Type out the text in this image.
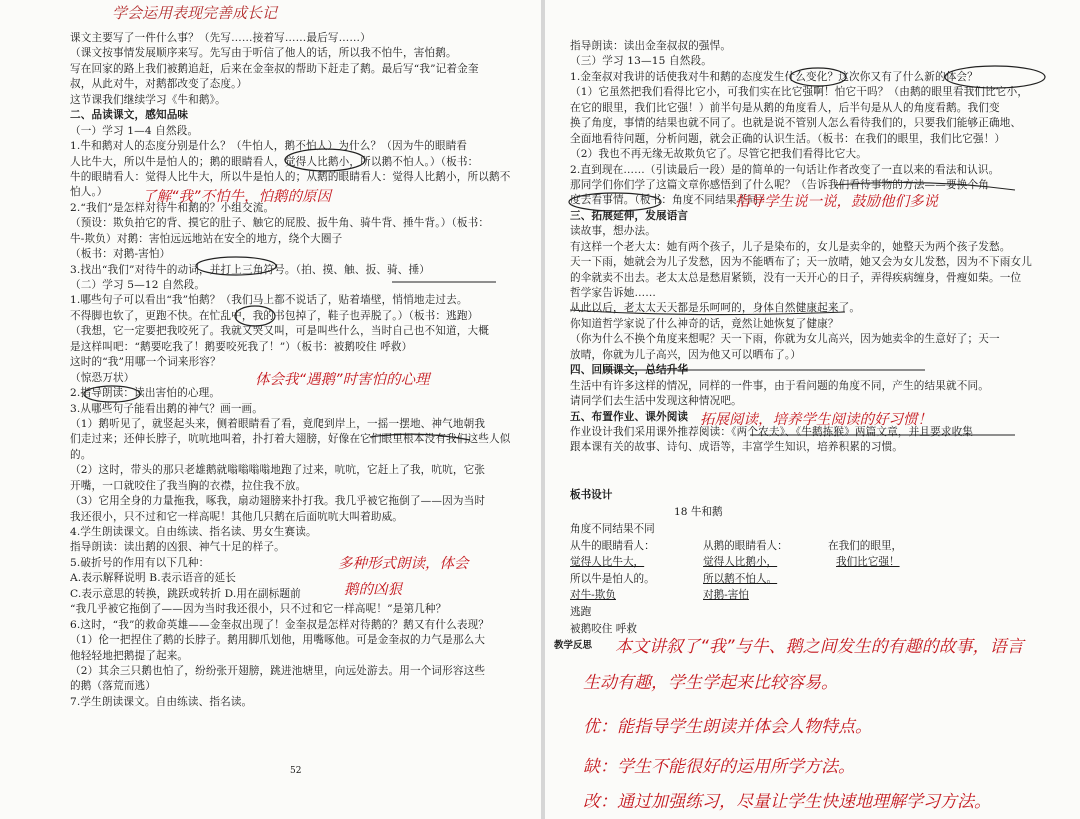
学会运用表现完善成长记
课文主要写了一件什么事？（先写……接着写……最后写……）
（课文按事情发展顺序来写。先写由于听信了他人的话，所以我不怕牛，害怕鹅。
写在回家的路上我们被鹅追赶，后来在金奎叔的帮助下赶走了鹅。最后写“我”记着金奎
叔，从此对牛，对鹅都改变了态度。）
这节课我们继续学习《牛和鹅》。
二、品读课文，感知品味
（一）学习 1—4 自然段。
1.牛和鹅对人的态度分别是什么？（牛怕人，鹅不怕人）为什么？（因为牛的眼睛看
人比牛大，所以牛是怕人的；鹅的眼睛看人，觉得人比鹅小，所以鹅不怕人。）（板书：
牛的眼睛看人：觉得人比牛大，所以牛是怕人的；从鹅的眼睛看人：觉得人比鹅小，所以鹅不
怕人。）
2.“我们”是怎样对待牛和鹅的？小组交流。
（预设：欺负拍它的背、摸它的肚子、触它的屁股、扳牛角、骑牛背、捶牛背。）（板书：
牛-欺负）对鹅：害怕远远地站在安全的地方，绕个大圈子
（板书：对鹅-害怕）
3.找出“我们”对待牛的动词，并打上三角符号。（拍、摸、触、扳、骑、捶）
（二）学习 5—12 自然段。
1.哪些句子可以看出“我”怕鹅？（我们马上都不说话了，贴着墙壁，悄悄地走过去。
不得脚也软了，更跑不快。在忙乱中，我的书包掉了，鞋子也弄脱了。）（板书：逃跑）
（我想，它一定要把我咬死了。我就又哭又叫，可是叫些什么，当时自己也不知道，大概
是这样叫吧：“鹅要吃我了！鹅要咬死我了！”）（板书：被鹅咬住 呼救）
这时的“我”用哪一个词来形容？
（惊恐万状）
2.指导朗读：读出害怕的心理。
3.从哪些句子能看出鹅的神气？画一画。
（1）鹅听见了，就竖起头来，侧着眼睛看了看，竟爬到岸上，一摇一摆地、神气地朝我
们走过来；还伸长脖子，吭吭地叫着，扑打着大翅膀，好像在它们眼里根本没有我们这些人似
的。
（2）这时，带头的那只老雄鹅就嗡嗡嗡嗡地跑了过来，吭吭，它赶上了我，吭吭，它张
开嘴，一口就咬住了我当胸的衣襟，拉住我不放。
（3）它用全身的力量拖我，啄我，扇动翅膀来扑打我。我几乎被它拖倒了——因为当时
我还很小，只不过和它一样高呢！其他几只鹅在后面吭吭大叫着助威。
4.学生朗读课文。自由练读、指名读、男女生赛读。
指导朗读：读出鹅的凶狠、神气十足的样子。
5.破折号的作用有以下几种：
A.表示解释说明 B.表示语音的延长
C.表示意思的转换，跳跃或转折 D.用在副标题前
“我几乎被它拖倒了——因为当时我还很小，只不过和它一样高呢！”是第几种？
6.这时，“我”的救命英雄——金奎叔出现了！金奎叔是怎样对待鹅的？鹅又有什么表现？
（1）伦一把捏住了鹅的长脖子。鹅用脚爪划他，用嘴啄他。可是金奎叔的力气是那么大
他轻轻地把鹅提了起来。
（2）其余三只鹅也怕了，纷纷张开翅膀，跳进池塘里，向远处游去。用一个词形容这些
的鹅（落荒而逃）
7.学生朗读课文。自由练读、指名读。
52
了解“我”不怕牛，怕鹅的原因
体会我“遇鹅”时害怕的心理
多种形式朗读，体会
鹅的凶狠
指导朗读：读出金奎叔叔的强悍。
（三）学习 13—15 自然段。
1.金奎叔对我讲的话使我对牛和鹅的态度发生什么变化？这次你又有了什么新的体会？
（1）它虽然把我们看得比它小，可我们实在比它强啊！怕它干吗？（由鹅的眼里看我们比它小，
在它的眼里，我们比它强！）前半句是从鹅的角度看人，后半句是从人的角度看鹅。我们变
换了角度，事情的结果也就不同了。也就是说不管别人怎么看待我们的，只要我们能够正确地、
全面地看待问题，分析问题，就会正确的认识生活。（板书：在我们的眼里，我们比它强！）
（2）我也不再无缘无故欺负它了。尽管它把我们看得比它大。
2.直到现在……（引读最后一段）是的简单的一句话让作者改变了一直以来的看法和认识。
那同学们你们学了这篇文章你感悟到了什么呢？（告诉我们看待事物的方法——要换个角
度去看事情。（板书：角度不同结果不同）
三、拓展延伸，发展语言
读故事，想办法。
有这样一个老大太：她有两个孩子，儿子是染布的，女儿是卖伞的，她整天为两个孩子发愁。
天一下雨，她就会为儿子发愁，因为不能晒布了；天一放晴，她又会为女儿发愁，因为不下雨女儿
的伞就卖不出去。老太太总是愁眉紧锁，没有一天开心的日子，弄得疾病缠身，骨瘦如柴。一位
哲学家告诉她……
从此以后，老太太天天都是乐呵呵的，身体自然健康起来了。
你知道哲学家说了什么神奇的话，竟然让她恢复了健康？
（你为什么不换个角度来想呢？天一下雨，你就为女儿高兴，因为她卖伞的生意好了；天一
放晴，你就为儿子高兴，因为他又可以晒布了。）
四、回顾课文，总结升华
生活中有许多这样的情况，同样的一件事，由于看问题的角度不同，产生的结果就不同。
请同学们去生活中发现这种情况吧。
五、布置作业、课外阅读
作业设计我们采用课外推荐阅读：《两个农夫》、《牛鹅拣猴》两篇文章，并且要求收集
跟本课有关的故事、诗句、成语等，丰富学生知识，培养积累的习惯。
指导学生说一说，鼓励他们多说
拓展阅读，培养学生阅读的好习惯！
板书设计
18 牛和鹅
角度不同结果不同
从牛的眼睛看人：	从鹅的眼睛看人：	在我们的眼里，
觉得人比牛大，	觉得人比鹅小，	我们比它强！
所以牛是怕人的。	所以鹅不怕人。
对牛-欺负	对鹅-害怕
逃跑
被鹅咬住 呼救
教学反思 本文讲叙了“我”与牛、鹅之间发生的有趣的故事，语言
生动有趣，学生学起来比较容易。
优：能指导学生朗读并体会人物特点。
缺：学生不能很好的运用所学方法。
改：通过加强练习，尽量让学生快速地理解学习方法。
